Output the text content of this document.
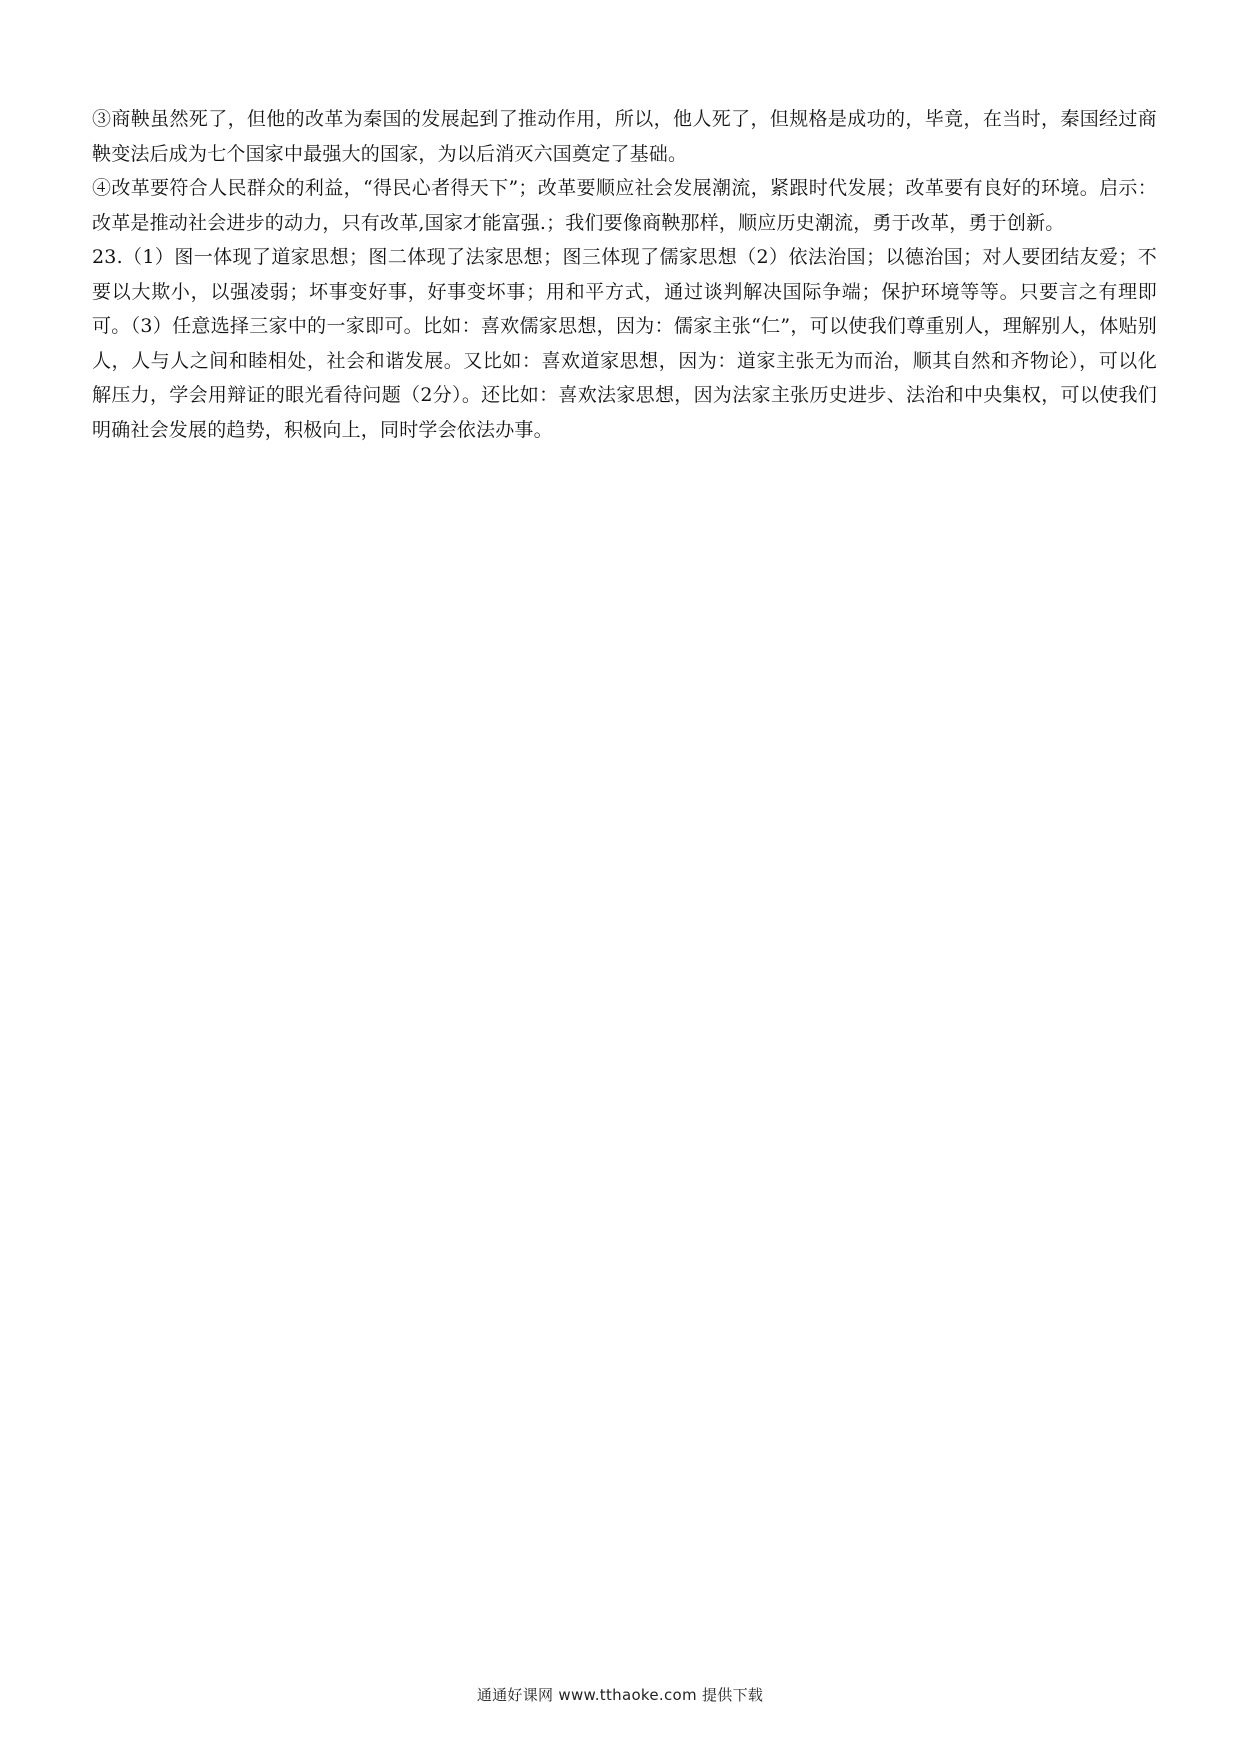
③商鞅虽然死了，但他的改革为秦国的发展起到了推动作用，所以，他人死了，但规格是成功的，毕竟，在当时，秦国经过商鞅变法后成为七个国家中最强大的国家，为以后消灭六国奠定了基础。

④改革要符合人民群众的利益，“得民心者得天下”；改革要顺应社会发展潮流，紧跟时代发展；改革要有良好的环境。启示：改革是推动社会进步的动力，只有改革,国家才能富强.；我们要像商鞅那样，顺应历史潮流，勇于改革，勇于创新。

23.（1）图一体现了道家思想；图二体现了法家思想；图三体现了儒家思想（2）依法治国；以德治国；对人要团结友爱；不要以大欺小，以强凌弱；坏事变好事，好事变坏事；用和平方式，通过谈判解决国际争端；保护环境等等。只要言之有理即可。（3）任意选择三家中的一家即可。比如：喜欢儒家思想，因为：儒家主张“仁”，可以使我们尊重别人，理解别人，体贴别人，人与人之间和睦相处，社会和谐发展。又比如：喜欢道家思想，因为：道家主张无为而治，顺其自然和齐物论），可以化解压力，学会用辩证的眼光看待问题（2分）。还比如：喜欢法家思想，因为法家主张历史进步、法治和中央集权，可以使我们明确社会发展的趋势，积极向上，同时学会依法办事。

通通好课网 www.tthaoke.com 提供下载
